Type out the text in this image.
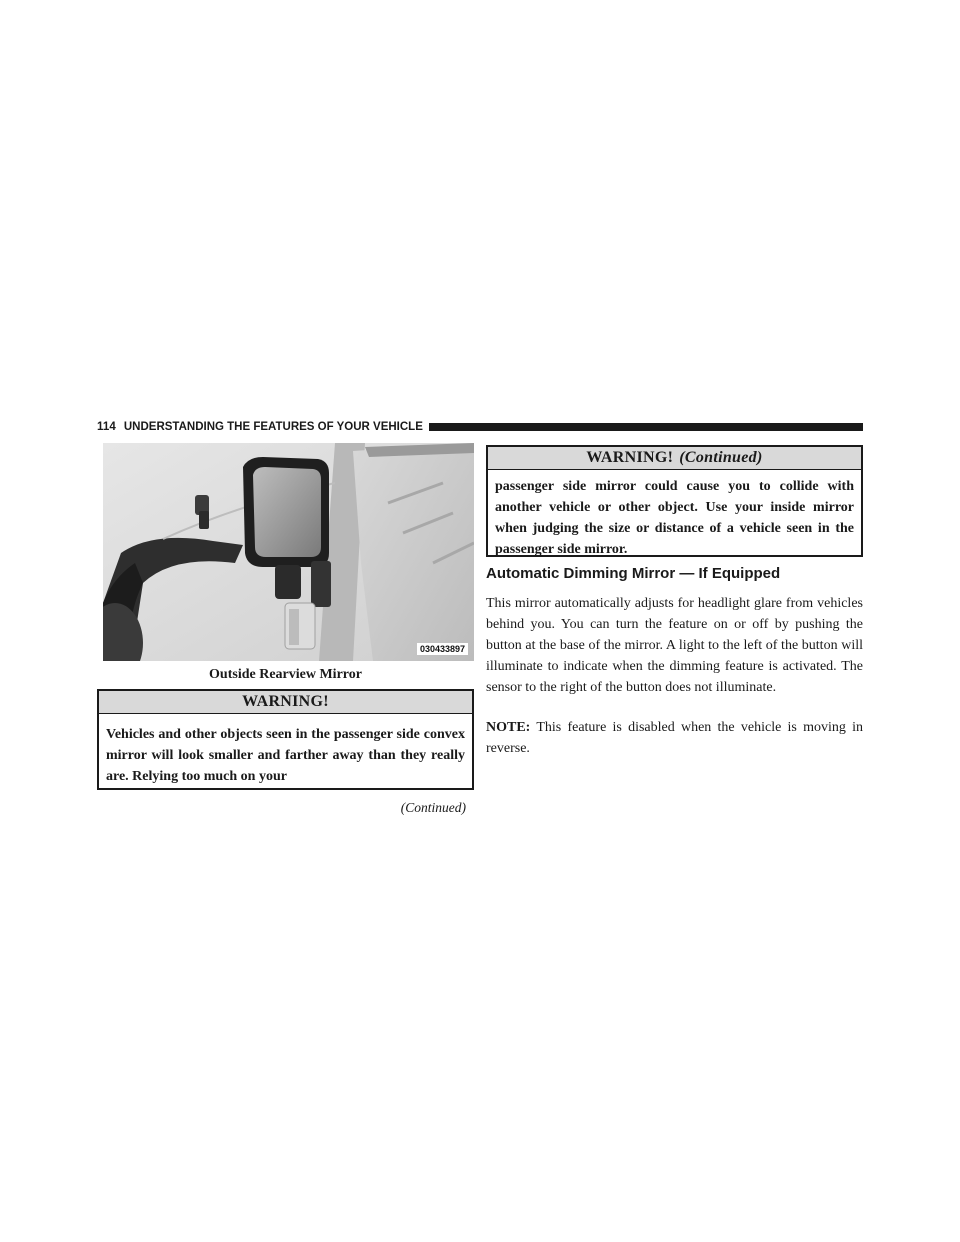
114 UNDERSTANDING THE FEATURES OF YOUR VEHICLE
030433897
Outside Rearview Mirror
WARNING!
Vehicles and other objects seen in the passenger side convex mirror will look smaller and farther away than they really are. Relying too much on your
(Continued)
WARNING! (Continued)
passenger side mirror could cause you to collide with another vehicle or other object. Use your inside mirror when judging the size or distance of a vehicle seen in the passenger side mirror.
Automatic Dimming Mirror — If Equipped
This mirror automatically adjusts for headlight glare from vehicles behind you. You can turn the feature on or off by pushing the button at the base of the mirror. A light to the left of the button will illuminate to indicate when the dimming feature is activated. The sensor to the right of the button does not illuminate.
NOTE: This feature is disabled when the vehicle is moving in reverse.
